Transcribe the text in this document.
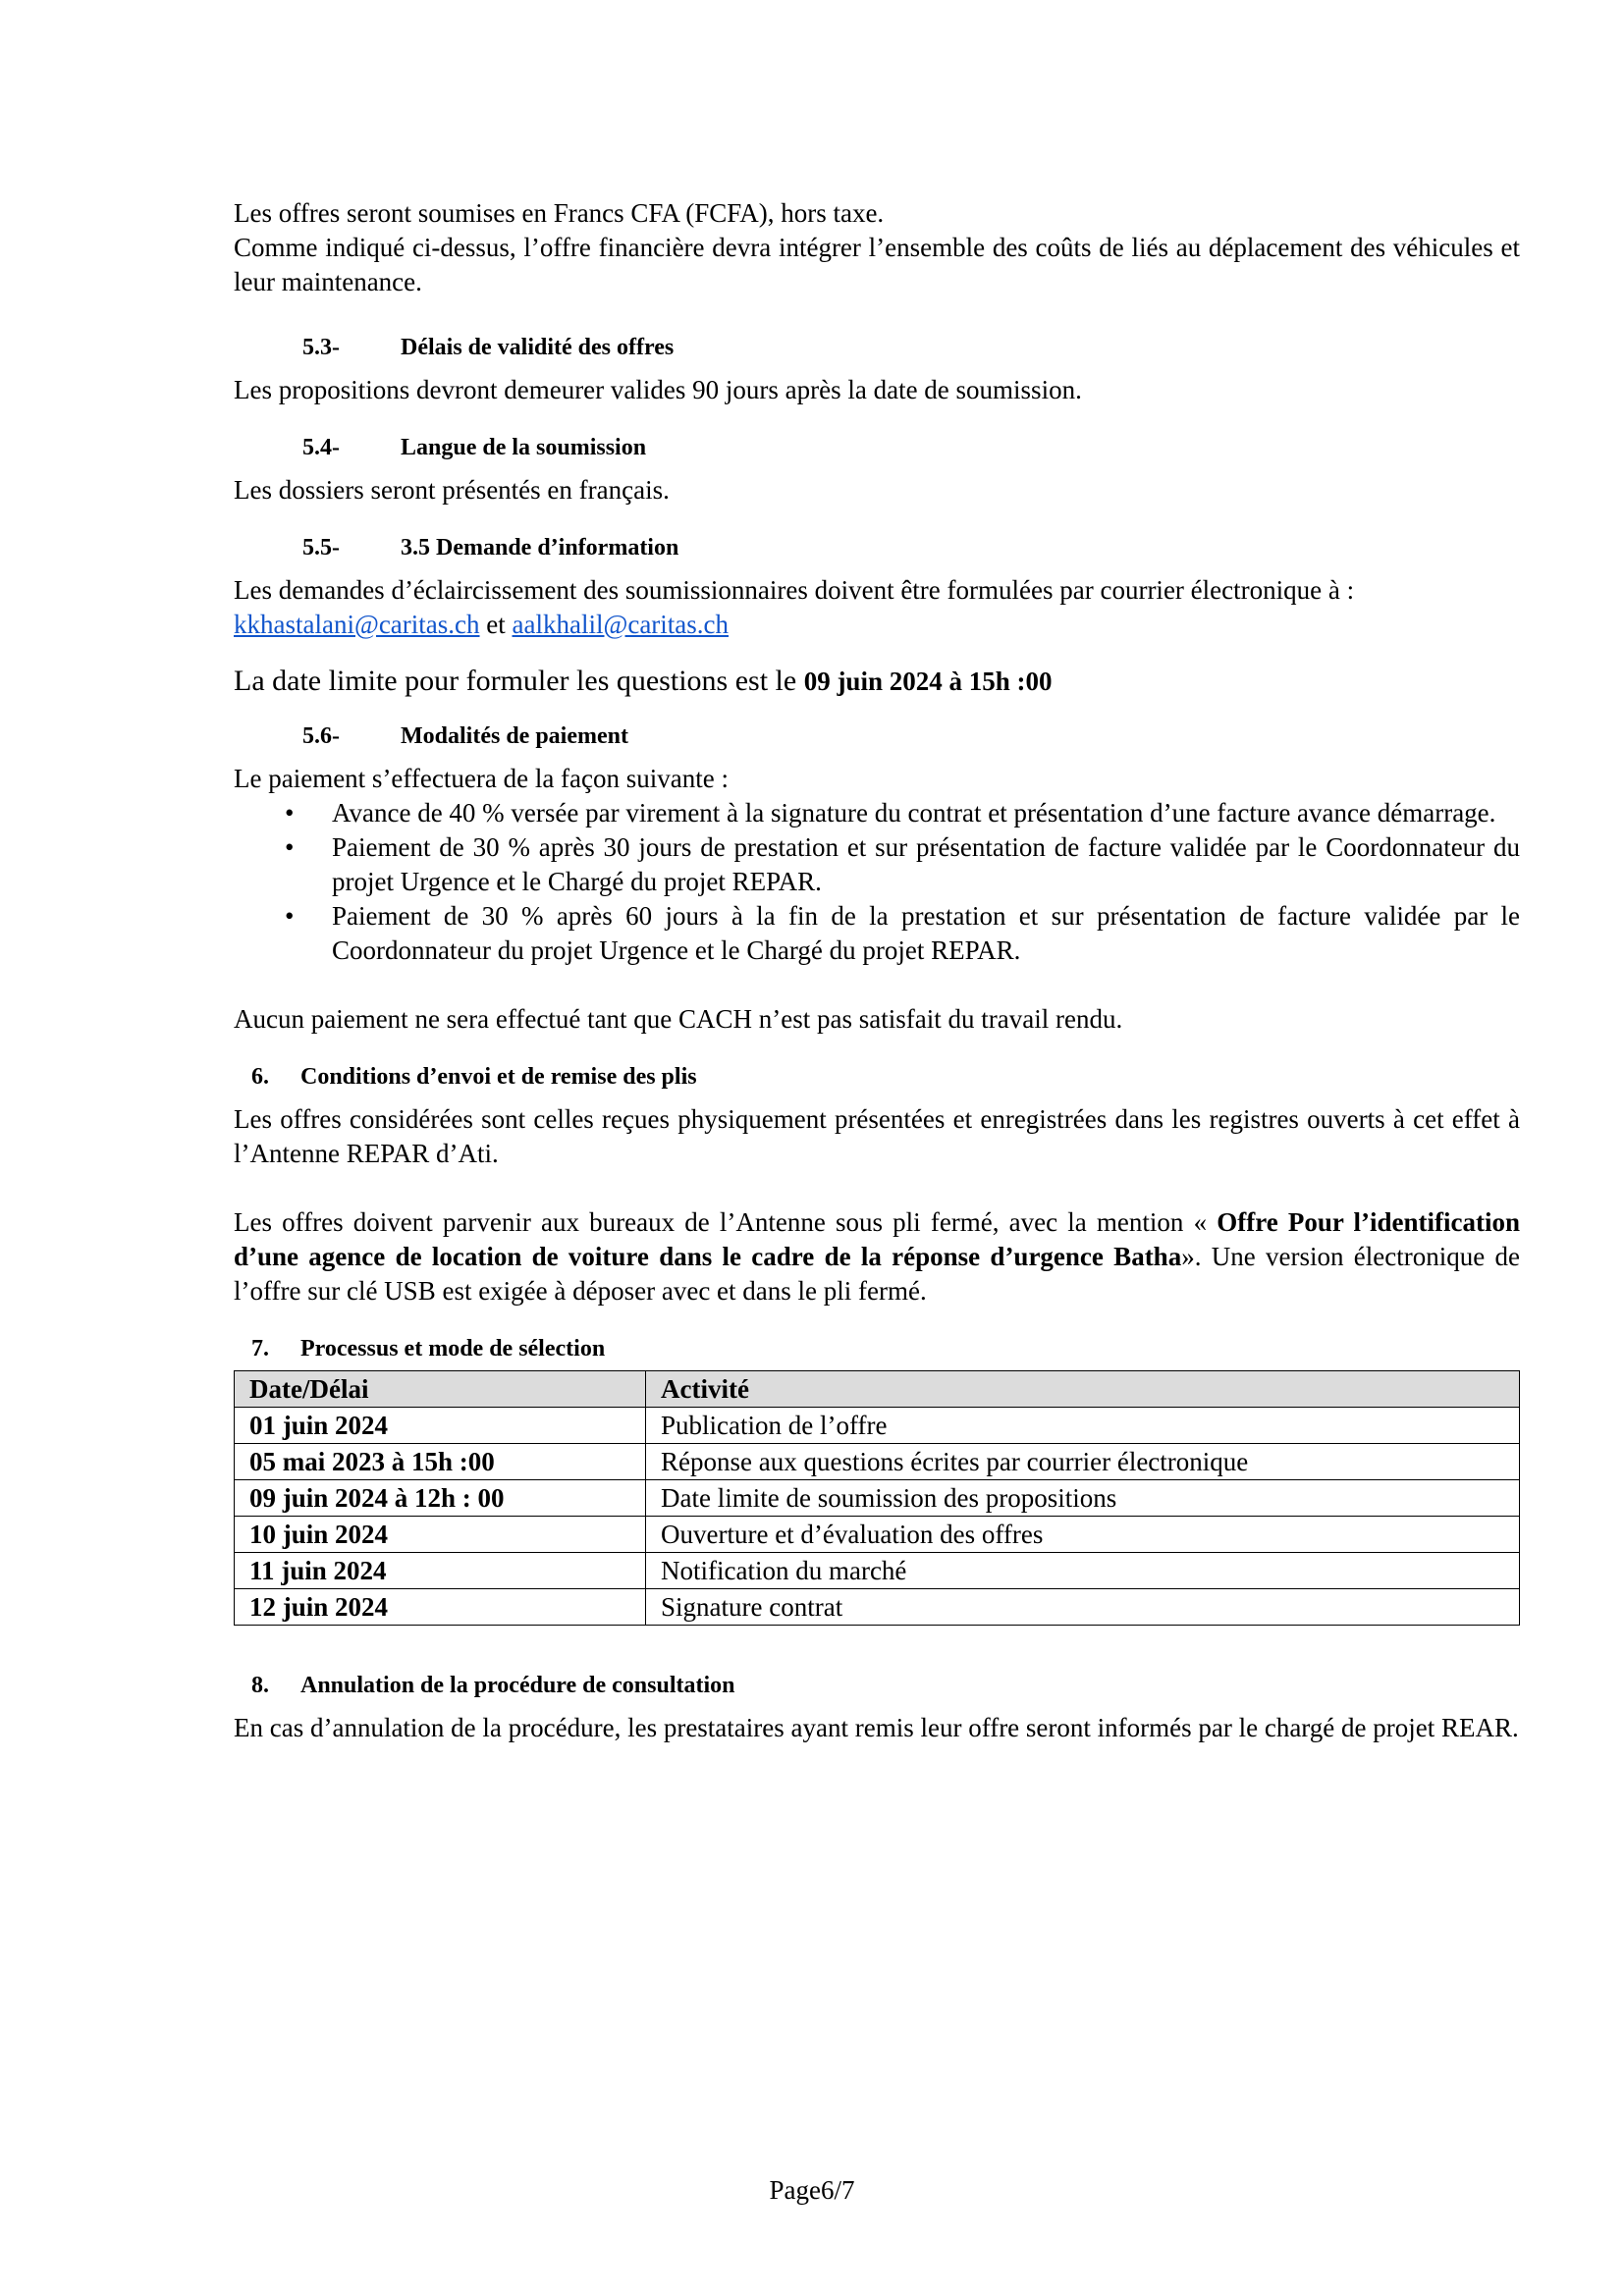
Les offres seront soumises en Francs CFA (FCFA), hors taxe.

Comme indiqué ci-dessus, l’offre financière devra intégrer l’ensemble des coûts de liés au déplacement des véhicules et leur maintenance.

5.3-	Délais de validité des offres

Les propositions devront demeurer valides 90 jours après la date de soumission.

5.4-	Langue de la soumission

Les dossiers seront présentés en français.

5.5-	3.5 Demande d’information

Les demandes d’éclaircissement des soumissionnaires doivent être formulées par courrier électronique à :

kkhastalani@caritas.ch et aalkhalil@caritas.ch

La date limite pour formuler les questions est le 09 juin 2024 à 15h :00

5.6-	Modalités de paiement

Le paiement s’effectuera de la façon suivante :

•	Avance de 40 % versée par virement à la signature du contrat et présentation d’une facture avance démarrage.
•	Paiement de 30 % après 30 jours de prestation et sur présentation de facture validée par le Coordonnateur du projet Urgence et le Chargé du projet REPAR.
•	Paiement de 30 % après 60 jours à la fin de la prestation et sur présentation de facture validée par le Coordonnateur du projet Urgence et le Chargé du projet REPAR.

Aucun paiement ne sera effectué tant que CACH n’est pas satisfait du travail rendu.

6.	Conditions d’envoi et de remise des plis

Les offres considérées sont celles reçues physiquement présentées et enregistrées dans les registres ouverts à cet effet à l’Antenne REPAR d’Ati.

Les offres doivent parvenir aux bureaux de l’Antenne sous pli fermé, avec la mention « Offre Pour l’identification d’une agence de location de voiture dans le cadre de la réponse d’urgence Batha». Une version électronique de l’offre sur clé USB est exigée à déposer avec et dans le pli fermé.

7.	Processus et mode de sélection
Date/Délai	Activité
01 juin 2024	Publication de l’offre
05 mai 2023 à 15h :00	Réponse aux questions écrites par courrier électronique
09 juin 2024 à 12h : 00	Date limite de soumission des propositions
10 juin 2024	Ouverture et d’évaluation des offres
11 juin 2024	Notification du marché
12 juin 2024	Signature contrat
8.	Annulation de la procédure de consultation

En cas d’annulation de la procédure, les prestataires ayant remis leur offre seront informés par le chargé de projet REAR.

Page6/7
